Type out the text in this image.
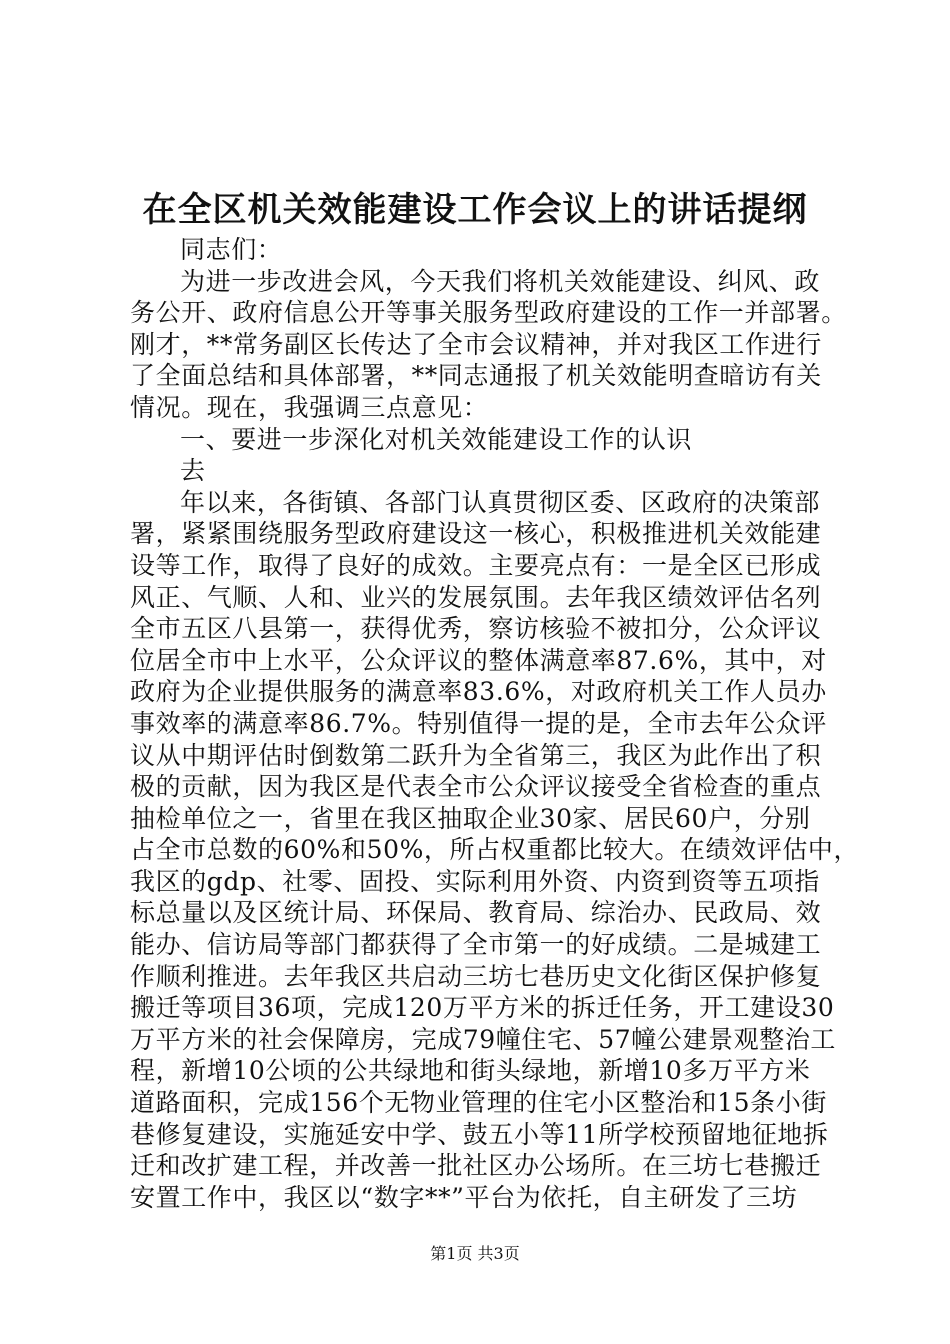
在全区机关效能建设工作会议上的讲话提纲
同志们：
为进一步改进会风，今天我们将机关效能建设、纠风、政
务公开、政府信息公开等事关服务型政府建设的工作一并部署。
刚才，**常务副区长传达了全市会议精神，并对我区工作进行
了全面总结和具体部署，**同志通报了机关效能明查暗访有关
情况。现在，我强调三点意见：
一、要进一步深化对机关效能建设工作的认识
去
年以来，各街镇、各部门认真贯彻区委、区政府的决策部
署，紧紧围绕服务型政府建设这一核心，积极推进机关效能建
设等工作，取得了良好的成效。主要亮点有：一是全区已形成
风正、气顺、人和、业兴的发展氛围。去年我区绩效评估名列
全市五区八县第一，获得优秀，察访核验不被扣分，公众评议
位居全市中上水平，公众评议的整体满意率87.6%，其中，对
政府为企业提供服务的满意率83.6%，对政府机关工作人员办
事效率的满意率86.7%。特别值得一提的是，全市去年公众评
议从中期评估时倒数第二跃升为全省第三，我区为此作出了积
极的贡献，因为我区是代表全市公众评议接受全省检查的重点
抽检单位之一，省里在我区抽取企业30家、居民60户，分别
占全市总数的60%和50%，所占权重都比较大。在绩效评估中，
我区的gdp、社零、固投、实际利用外资、内资到资等五项指
标总量以及区统计局、环保局、教育局、综治办、民政局、效
能办、信访局等部门都获得了全市第一的好成绩。二是城建工
作顺利推进。去年我区共启动三坊七巷历史文化街区保护修复
搬迁等项目36项，完成120万平方米的拆迁任务，开工建设30
万平方米的社会保障房，完成79幢住宅、57幢公建景观整治工
程，新增10公顷的公共绿地和街头绿地，新增10多万平方米
道路面积，完成156个无物业管理的住宅小区整治和15条小街
巷修复建设，实施延安中学、鼓五小等11所学校预留地征地拆
迁和改扩建工程，并改善一批社区办公场所。在三坊七巷搬迁
安置工作中，我区以“数字**”平台为依托，自主研发了三坊
第1页 共3页
